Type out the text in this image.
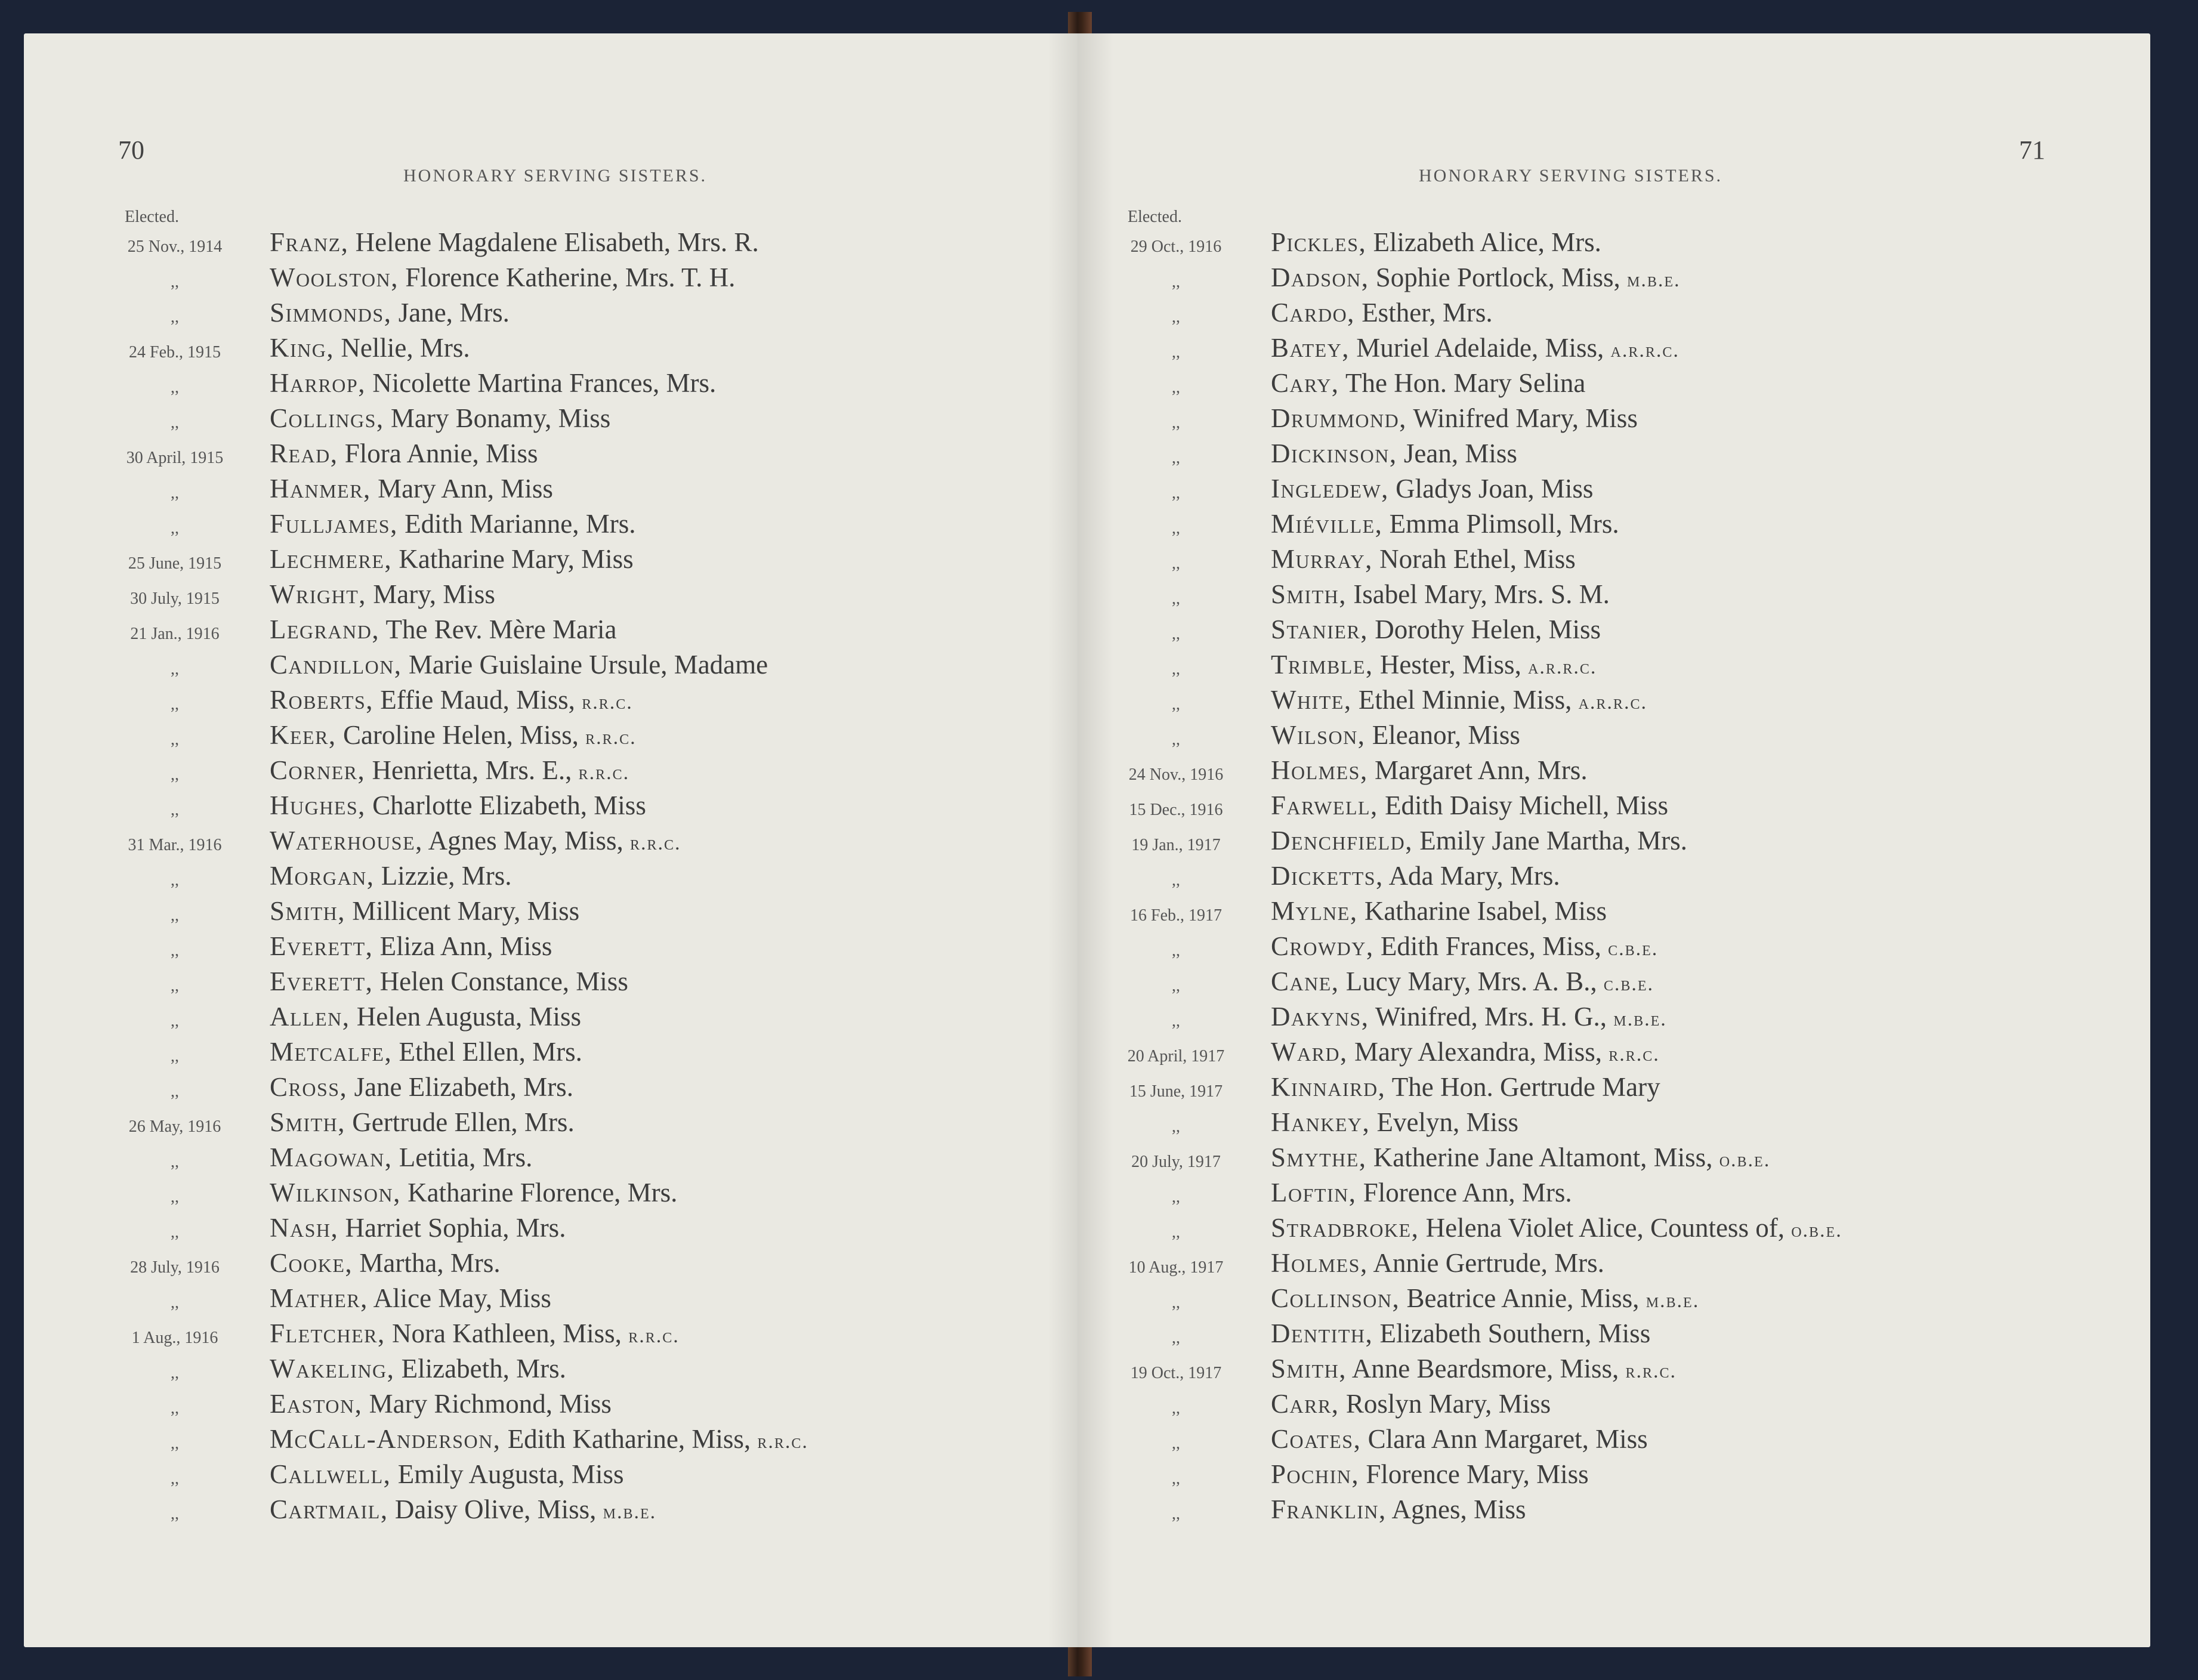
70
HONORARY SERVING SISTERS.
Elected.
25 Nov., 1914	Franz, Helene Magdalene Elisabeth, Mrs. R.
,,	Woolston, Florence Katherine, Mrs. T. H.
,,	Simmonds, Jane, Mrs.
24 Feb., 1915	King, Nellie, Mrs.
,,	Harrop, Nicolette Martina Frances, Mrs.
,,	Collings, Mary Bonamy, Miss
30 April, 1915	Read, Flora Annie, Miss
,,	Hanmer, Mary Ann, Miss
,,	Fulljames, Edith Marianne, Mrs.
25 June, 1915	Lechmere, Katharine Mary, Miss
30 July, 1915	Wright, Mary, Miss
21 Jan., 1916	Legrand, The Rev. Mère Maria
,,	Candillon, Marie Guislaine Ursule, Madame
,,	Roberts, Effie Maud, Miss, r.r.c.
,,	Keer, Caroline Helen, Miss, r.r.c.
,,	Corner, Henrietta, Mrs. E., r.r.c.
,,	Hughes, Charlotte Elizabeth, Miss
31 Mar., 1916	Waterhouse, Agnes May, Miss, r.r.c.
,,	Morgan, Lizzie, Mrs.
,,	Smith, Millicent Mary, Miss
,,	Everett, Eliza Ann, Miss
,,	Everett, Helen Constance, Miss
,,	Allen, Helen Augusta, Miss
,,	Metcalfe, Ethel Ellen, Mrs.
,,	Cross, Jane Elizabeth, Mrs.
26 May, 1916	Smith, Gertrude Ellen, Mrs.
,,	Magowan, Letitia, Mrs.
,,	Wilkinson, Katharine Florence, Mrs.
,,	Nash, Harriet Sophia, Mrs.
28 July, 1916	Cooke, Martha, Mrs.
,,	Mather, Alice May, Miss
1 Aug., 1916	Fletcher, Nora Kathleen, Miss, r.r.c.
,,	Wakeling, Elizabeth, Mrs.
,,	Easton, Mary Richmond, Miss
,,	McCall-Anderson, Edith Katharine, Miss, r.r.c.
,,	Callwell, Emily Augusta, Miss
,,	Cartmail, Daisy Olive, Miss, m.b.e.
HONORARY SERVING SISTERS.
71
Elected.
29 Oct., 1916	Pickles, Elizabeth Alice, Mrs.
,,	Dadson, Sophie Portlock, Miss, m.b.e.
,,	Cardo, Esther, Mrs.
,,	Batey, Muriel Adelaide, Miss, a.r.r.c.
,,	Cary, The Hon. Mary Selina
,,	Drummond, Winifred Mary, Miss
,,	Dickinson, Jean, Miss
,,	Ingledew, Gladys Joan, Miss
,,	Miéville, Emma Plimsoll, Mrs.
,,	Murray, Norah Ethel, Miss
,,	Smith, Isabel Mary, Mrs. S. M.
,,	Stanier, Dorothy Helen, Miss
,,	Trimble, Hester, Miss, a.r.r.c.
,,	White, Ethel Minnie, Miss, a.r.r.c.
,,	Wilson, Eleanor, Miss
24 Nov., 1916	Holmes, Margaret Ann, Mrs.
15 Dec., 1916	Farwell, Edith Daisy Michell, Miss
19 Jan., 1917	Denchfield, Emily Jane Martha, Mrs.
,,	Dicketts, Ada Mary, Mrs.
16 Feb., 1917	Mylne, Katharine Isabel, Miss
,,	Crowdy, Edith Frances, Miss, c.b.e.
,,	Cane, Lucy Mary, Mrs. A. B., c.b.e.
,,	Dakyns, Winifred, Mrs. H. G., m.b.e.
20 April, 1917	Ward, Mary Alexandra, Miss, r.r.c.
15 June, 1917	Kinnaird, The Hon. Gertrude Mary
,,	Hankey, Evelyn, Miss
20 July, 1917	Smythe, Katherine Jane Altamont, Miss, o.b.e.
,,	Loftin, Florence Ann, Mrs.
,,	Stradbroke, Helena Violet Alice, Countess of, o.b.e.
10 Aug., 1917	Holmes, Annie Gertrude, Mrs.
,,	Collinson, Beatrice Annie, Miss, m.b.e.
,,	Dentith, Elizabeth Southern, Miss
19 Oct., 1917	Smith, Anne Beardsmore, Miss, r.r.c.
,,	Carr, Roslyn Mary, Miss
,,	Coates, Clara Ann Margaret, Miss
,,	Pochin, Florence Mary, Miss
,,	Franklin, Agnes, Miss
